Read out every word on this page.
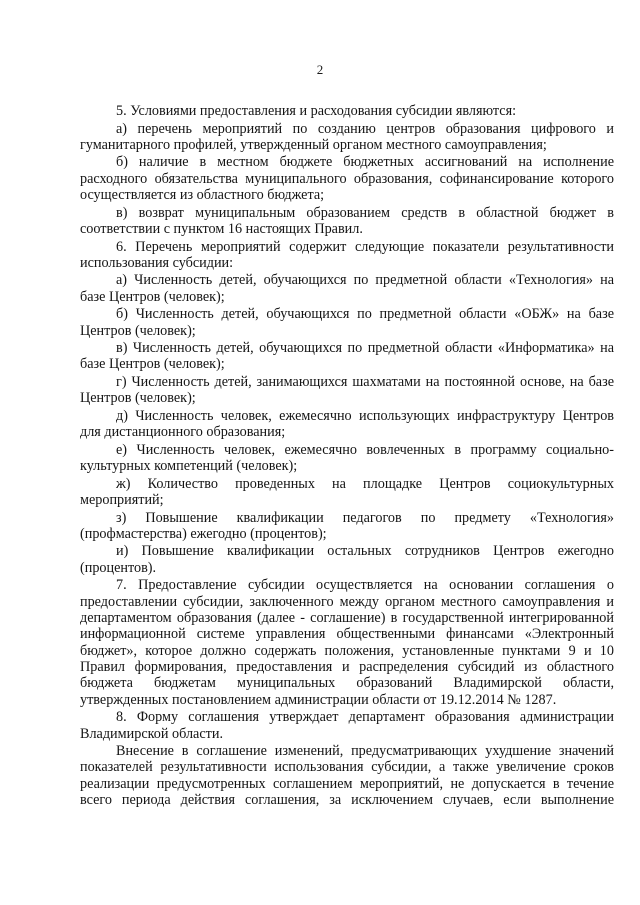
2

5. Условиями предоставления и расходования субсидии являются:

а) перечень мероприятий по созданию центров образования цифрового и гуманитарного профилей, утвержденный органом местного самоуправления;

б) наличие в местном бюджете бюджетных ассигнований на исполнение расходного обязательства муниципального образования, софинансирование которого осуществляется из областного бюджета;

в) возврат муниципальным образованием средств в областной бюджет в соответствии с пунктом 16 настоящих Правил.

6. Перечень мероприятий содержит следующие показатели результативности использования субсидии:

а) Численность детей, обучающихся по предметной области «Технология» на базе Центров (человек);

б) Численность детей, обучающихся по предметной области «ОБЖ» на базе Центров (человек);

в) Численность детей, обучающихся по предметной области «Информатика» на базе Центров (человек);

г) Численность детей, занимающихся шахматами на постоянной основе, на базе Центров (человек);

д) Численность человек, ежемесячно использующих инфраструктуру Центров для дистанционного образования;

е) Численность человек, ежемесячно вовлеченных в программу социально-культурных компетенций (человек);

ж) Количество проведенных на площадке Центров социокультурных мероприятий;

з) Повышение квалификации педагогов по предмету «Технология» (профмастерства) ежегодно (процентов);

и) Повышение квалификации остальных сотрудников Центров ежегодно (процентов).

7. Предоставление субсидии осуществляется на основании соглашения о предоставлении субсидии, заключенного между органом местного самоуправления и департаментом образования (далее - соглашение) в государственной интегрированной информационной системе управления общественными финансами «Электронный бюджет», которое должно содержать положения, установленные пунктами 9 и 10 Правил формирования, предоставления и распределения субсидий из областного бюджета бюджетам муниципальных образований Владимирской области, утвержденных постановлением администрации области от 19.12.2014 № 1287.

8. Форму соглашения утверждает департамент образования администрации Владимирской области.

Внесение в соглашение изменений, предусматривающих ухудшение значений показателей результативности использования субсидии, а также увеличение сроков реализации предусмотренных соглашением мероприятий, не допускается в течение всего периода действия соглашения, за исключением случаев, если выполнение
